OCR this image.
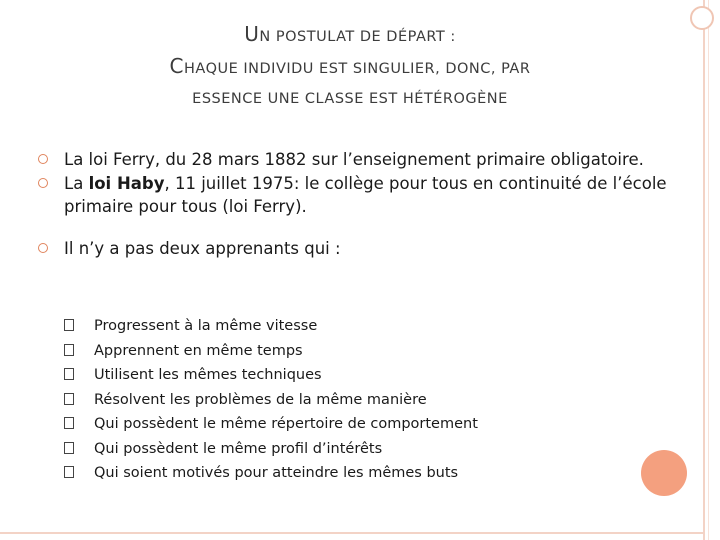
UN POSTULAT DE DÉPART :
CHAQUE INDIVIDU EST SINGULIER, DONC, PAR
ESSENCE UNE CLASSE EST HÉTÉROGÈNE
La loi Ferry, du 28 mars 1882 sur l’enseignement primaire obligatoire.
La loi Haby, 11 juillet 1975: le collège pour tous en continuité de l’école primaire pour tous (loi Ferry).
Il n’y a pas deux apprenants qui :
Progressent à la même vitesse
Apprennent en même temps
Utilisent les mêmes techniques
Résolvent les problèmes de la même manière
Qui possèdent le même répertoire de comportement
Qui possèdent le même profil d’intérêts
Qui soient motivés pour atteindre les mêmes buts
